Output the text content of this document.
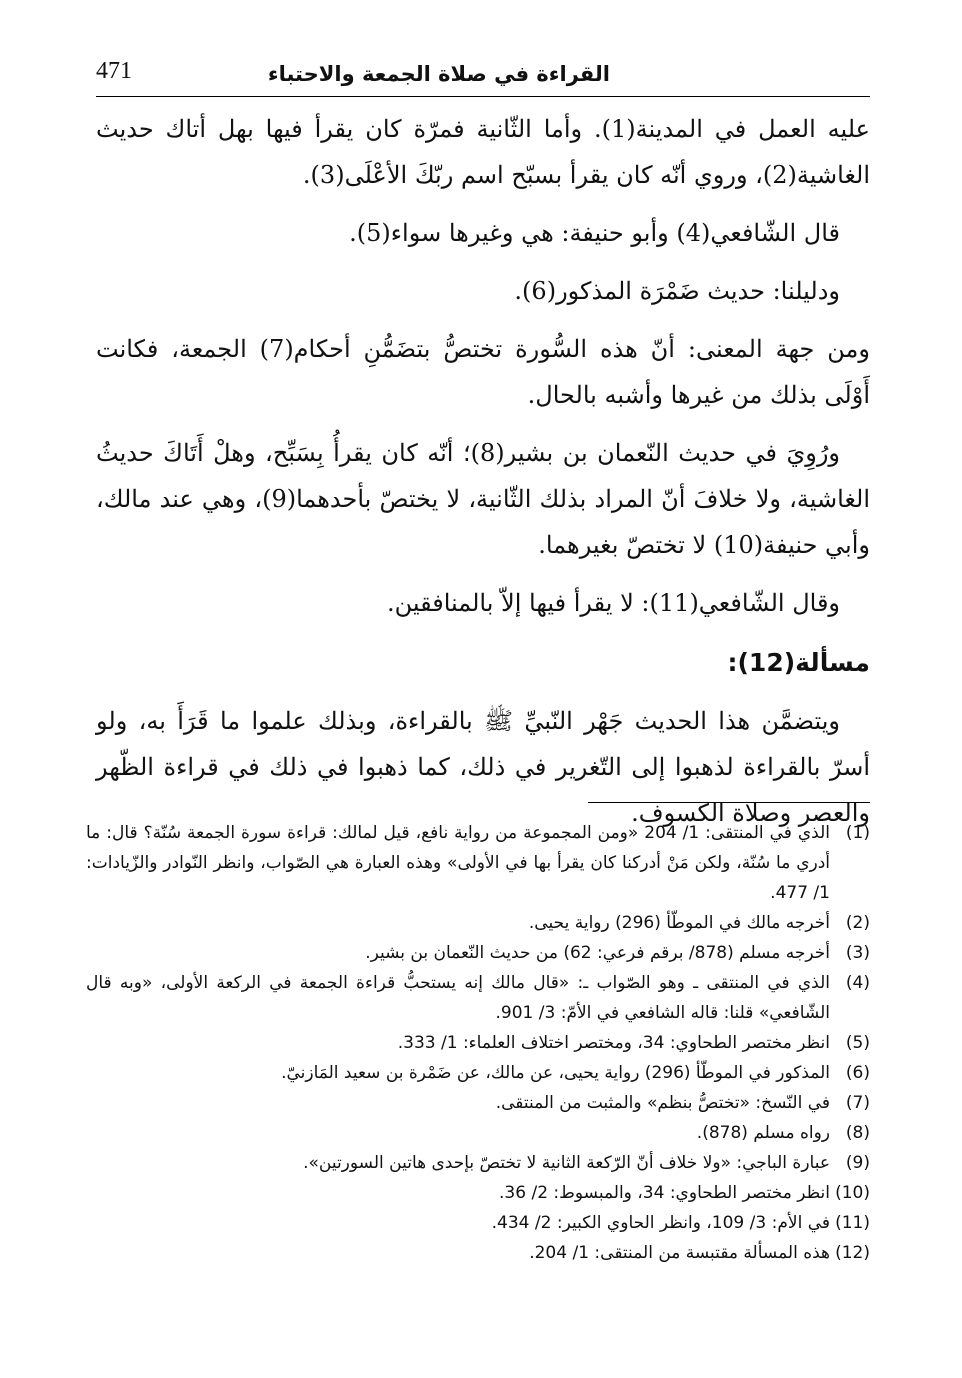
القراءة في صلاة الجمعة والاحتباء
471

عليه العمل في المدينة(1). وأما الثّانية فمرّة كان يقرأ فيها بهل أتاك حديث الغاشية(2)، وروي أنّه كان يقرأ بسبّح اسم ربّكَ الأعْلَى(3).

قال الشّافعي(4) وأبو حنيفة: هي وغيرها سواء(5).

ودليلنا: حديث ضَمْرَة المذكور(6).

ومن جهة المعنى: أنّ هذه السُّورة تختصُّ بتضَمُّنِ أحكام(7) الجمعة، فكانت أَوْلَى بذلك من غيرها وأشبه بالحال.

ورُوِيَ في حديث النّعمان بن بشير(8)؛ أنّه كان يقرأُ بِسَبِّح، وهلْ أَتَاكَ حديثُ الغاشية، ولا خلافَ أنّ المراد بذلك الثّانية، لا يختصّ بأحدهما(9)، وهي عند مالك، وأبي حنيفة(10) لا تختصّ بغيرهما.

وقال الشّافعي(11): لا يقرأ فيها إلاّ بالمنافقين.

مسألة(12):

ويتضمَّن هذا الحديث جَهْر النّبيِّ ﷺ بالقراءة، وبذلك علموا ما قَرَأَ به، ولو أسرّ بالقراءة لذهبوا إلى التّغرير في ذلك، كما ذهبوا في ذلك في قراءة الظّهر والعصر وصلاة الكسوف.

(1)
الذي في المنتقى: 1/ 204 «ومن المجموعة من رواية نافع، قيل لمالك: قراءة سورة الجمعة سُنّة؟ قال: ما أدري ما سُنّة، ولكن مَنْ أدركنا كان يقرأ بها في الأولى» وهذه العبارة هي الصّواب، وانظر النّوادر والزّيادات: 1/ 477.
(2)
أخرجه مالك في الموطّأ (296) رواية يحيى.
(3)
أخرجه مسلم (878/ برقم فرعي: 62) من حديث النّعمان بن بشير.
(4)
الذي في المنتقى ـ وهو الصّواب ـ: «قال مالك إنه يستحبُّ قراءة الجمعة في الركعة الأولى، «وبه قال الشّافعي» قلنا: قاله الشافعي في الأمّ: 3/ 901.
(5)
انظر مختصر الطحاوي: 34، ومختصر اختلاف العلماء: 1/ 333.
(6)
المذكور في الموطّأ (296) رواية يحيى، عن مالك، عن ضَمْرة بن سعيد المَازنيّ.
(7)
في النّسخ: «تختصُّ بنظم» والمثبت من المنتقى.
(8)
رواه مسلم (878).
(9)
عبارة الباجي: «ولا خلاف أنّ الرّكعة الثانية لا تختصّ بإحدى هاتين السورتين».
(10)
انظر مختصر الطحاوي: 34، والمبسوط: 2/ 36.
(11)
في الأم: 3/ 109، وانظر الحاوي الكبير: 2/ 434.
(12)
هذه المسألة مقتبسة من المنتقى: 1/ 204.
